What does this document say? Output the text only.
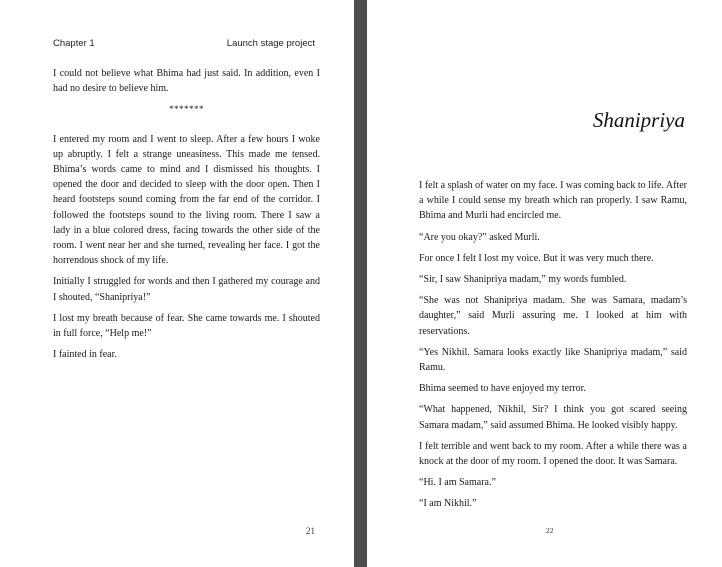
Chapter 1	Launch stage project

I could not believe what Bhima had just said. In addition, even I had no desire to believe him.

*******

I entered my room and I went to sleep. After a few hours I woke up abruptly. I felt a strange uneasiness. This made me tensed. Bhima’s words came to mind and I dismissed his thoughts. I opened the door and decided to sleep with the door open. Then I heard footsteps sound coming from the far end of the corridor. I followed the footsteps sound to the living room. There I saw a lady in a blue colored dress, facing towards the other side of the room. I went near her and she turned, revealing her face. I got the horrendous shock of my life.

Initially I struggled for words and then I gathered my courage and I shouted, “Shanipriya!”

I lost my breath because of fear. She came towards me. I shouted in full force, “Help me!”

I fainted in fear.

21
Shanipriya

I felt a splash of water on my face. I was coming back to life. After a while I could sense my breath which ran properly. I saw Ramu, Bhima and Murli had encircled me.

“Are you okay?” asked Murli.

For once I felt I lost my voice. But it was very much there.

“Sir, I saw Shanipriya madam,” my words fumbled.

“She was not Shanipriya madam. She was Samara, madam’s daughter,” said Murli assuring me. I looked at him with reservations.

“Yes Nikhil. Samara looks exactly like Shanipriya madam,” said Ramu.

Bhima seemed to have enjoyed my terror.

“What happened, Nikhil, Sir? I think you got scared seeing Samara madam,” said assumed Bhima. He looked visibly happy.

I felt terrible and went back to my room. After a while there was a knock at the door of my room. I opened the door. It was Samara.

“Hi. I am Samara.”

“I am Nikhil.”

22
